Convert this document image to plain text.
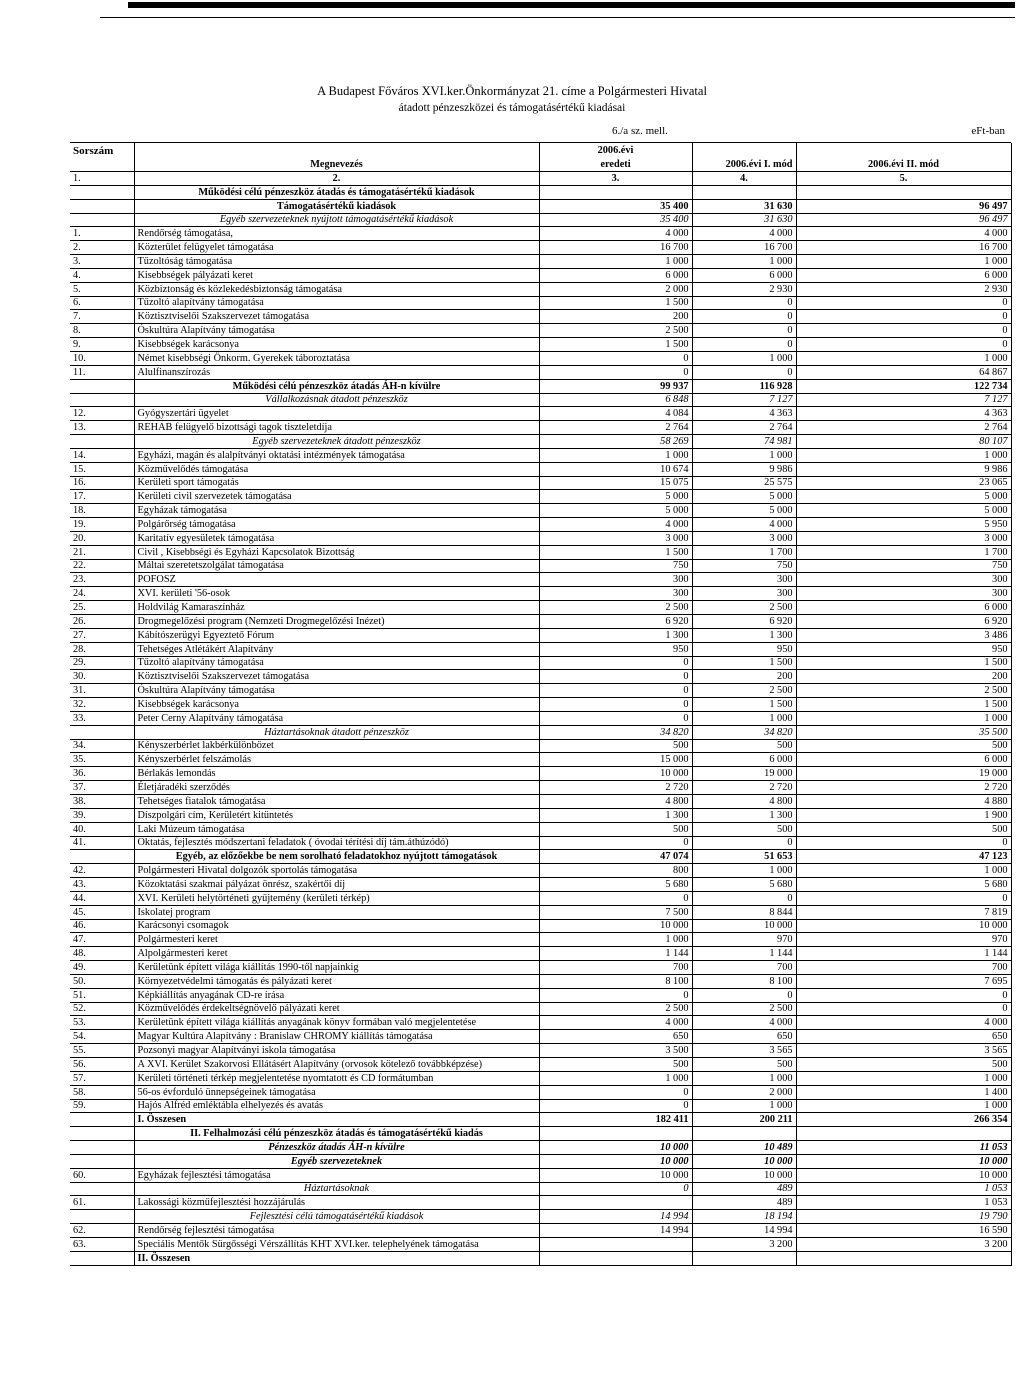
A Budapest Főváros XVI.ker.Önkormányzat 21. címe a Polgármesteri Hivatal
átadott pénzeszközei és támogatásértékű kiadásai
6./a sz. mell.	eFt-ban
Sorszám		2006.évi		
	Megnevezés	eredeti	2006.évi I. mód	2006.évi II. mód
1.	2.	3.	4.	5.
	Működési célú pénzeszköz átadás és támogatásértékű kiadások			
	Támogatásértékű kiadások	35 400	31 630	96 497
	Egyéb szervezeteknek nyújtott támogatásértékű kiadások	35 400	31 630	96 497
1.	Rendőrség támogatása,	4 000	4 000	4 000
2.	Közterület felügyelet támogatása	16 700	16 700	16 700
3.	Tűzoltóság támogatása	1 000	1 000	1 000
4.	Kisebbségek pályázati keret	6 000	6 000	6 000
5.	Közbiztonság és közlekedésbiztonság támogatása	2 000	2 930	2 930
6.	Tűzoltó alapítvány támogatása	1 500	0	0
7.	Köztisztviselői Szakszervezet támogatása	200	0	0
8.	Óskultúra Alapítvány támogatása	2 500	0	0
9.	Kisebbségek karácsonya	1 500	0	0
10.	Német kisebbségi Önkorm. Gyerekek táboroztatása	0	1 000	1 000
11.	Alulfinanszírozás	0	0	64 867
	Működési célú pénzeszköz átadás ÁH-n kívülre	99 937	116 928	122 734
	Vállalkozásnak átadott pénzeszköz	6 848	7 127	7 127
12.	Gyógyszertári ügyelet	4 084	4 363	4 363
13.	REHAB felügyelő bizottsági tagok tiszteletdíja	2 764	2 764	2 764
	Egyéb szervezeteknek átadott pénzeszköz	58 269	74 981	80 107
14.	Egyházi, magán és alalpítványi oktatási intézmények támogatása	1 000	1 000	1 000
15.	Közművelődés támogatása	10 674	9 986	9 986
16.	Kerületi sport támogatás	15 075	25 575	23 065
17.	Kerületi civil szervezetek támogatása	5 000	5 000	5 000
18.	Egyházak támogatása	5 000	5 000	5 000
19.	Polgárőrség támogatása	4 000	4 000	5 950
20.	Karitatív egyesületek támogatása	3 000	3 000	3 000
21.	Civil , Kisebbségi és Egyházi Kapcsolatok Bizottság	1 500	1 700	1 700
22.	Máltai szeretetszolgálat támogatása	750	750	750
23.	POFOSZ	300	300	300
24.	XVI. kerületi '56-osok	300	300	300
25.	Holdvilág Kamaraszínház	2 500	2 500	6 000
26.	Drogmegelőzési program (Nemzeti Drogmegelőzési Inézet)	6 920	6 920	6 920
27.	Kábítószerügyi Egyeztető Fórum	1 300	1 300	3 486
28.	Tehetséges Atlétákért Alapítvány	950	950	950
29.	Tűzoltó alapítvány támogatása	0	1 500	1 500
30.	Köztisztviselői Szakszervezet támogatása	0	200	200
31.	Óskultúra Alapítvány támogatása	0	2 500	2 500
32.	Kisebbségek karácsonya	0	1 500	1 500
33.	Peter Cerny Alapítvány támogatása	0	1 000	1 000
	Háztartásoknak átadott pénzeszköz	34 820	34 820	35 500
34.	Kényszerbérlet lakbérkülönbözet	500	500	500
35.	Kényszerbérlet felszámolás	15 000	6 000	6 000
36.	Bérlakás lemondás	10 000	19 000	19 000
37.	Életjáradéki szerződés	2 720	2 720	2 720
38.	Tehetséges fiatalok támogatása	4 800	4 800	4 880
39.	Díszpolgári cím, Kerületért kitüntetés	1 300	1 300	1 900
40.	Laki Múzeum támogatása	500	500	500
41.	Oktatás, fejlesztés módszertani feladatok ( óvodai térítési díj tám.áthúzódó)	0	0	0
	Egyéb, az előzőekbe be nem sorolható feladatokhoz nyújtott támogatások	47 074	51 653	47 123
42.	Polgármesteri Hivatal dolgozók sportolás támogatása	800	1 000	1 000
43.	Közoktatási szakmai pályázat önrész, szakértői díj	5 680	5 680	5 680
44.	XVI. Kerületi helytörténeti gyűjtemény (kerületi térkép)	0	0	0
45.	Iskolatej program	7 500	8 844	7 819
46.	Karácsonyi csomagok	10 000	10 000	10 000
47.	Polgármesteri keret	1 000	970	970
48.	Alpolgármesteri keret	1 144	1 144	1 144
49.	Kerületünk épített világa kiállítás 1990-től napjainkig	700	700	700
50.	Környezetvédelmi támogatás és pályázati keret	8 100	8 100	7 695
51.	Képkiállítás anyagának CD-re írása	0	0	0
52.	Közművelődés érdekeltségnövelő pályázati keret	2 500	2 500	0
53.	Kerületünk épített világa kiállítás anyagának könyv formában való megjelentetése	4 000	4 000	4 000
54.	Magyar Kultúra Alapítvány : Branislaw CHROMY kiállítás támogatása	650	650	650
55.	Pozsonyi magyar Alapítványi iskola támogatása	3 500	3 565	3 565
56.	A XVI. Kerület Szakorvosi Ellátásért Alapítvány (orvosok kötelező továbbképzése)	500	500	500
57.	Kerületi történeti térkép megjelentetése nyomtatott és CD formátumban	1 000	1 000	1 000
58.	56-os évforduló ünnepségeinek támogatása	0	2 000	1 400
59.	Hajós Alfréd emléktábla elhelyezés és avatás	0	1 000	1 000
	I. Összesen	182 411	200 211	266 354
	II. Felhalmozási célú pénzeszköz átadás és támogatásértékű kiadás			
	Pénzeszköz átadás ÁH-n kívülre	10 000	10 489	11 053
	Egyéb szervezeteknek	10 000	10 000	10 000
60.	Egyházak fejlesztési támogatása	10 000	10 000	10 000
	Háztartásoknak	0	489	1 053
61.	Lakossági közműfejlesztési hozzájárulás		489	1 053
	Fejlesztési célú támogatásértékű kiadások	14 994	18 194	19 790
62.	Rendőrség fejlesztési támogatása	14 994	14 994	16 590
63.	Speciális Mentők Sürgősségi Vérszállítás KHT XVI.ker. telephelyének támogatása		3 200	3 200
	II. Összesen			
